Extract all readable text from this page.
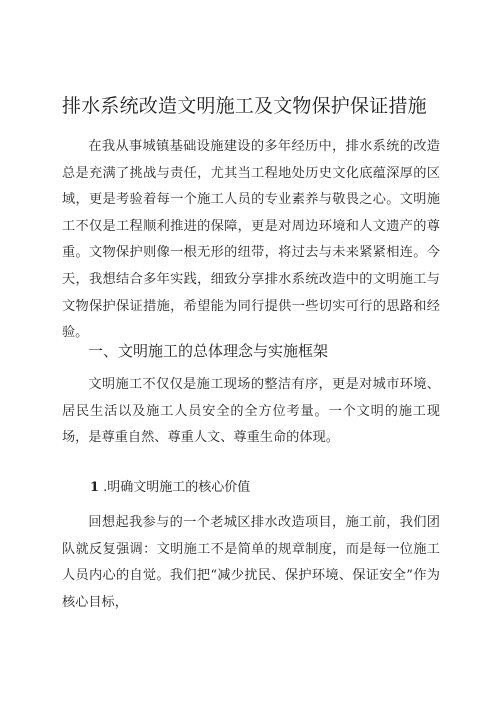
排水系统改造文明施工及文物保护保证措施

在我从事城镇基础设施建设的多年经历中，排水系统的改造总是充满了挑战与责任，尤其当工程地处历史文化底蕴深厚的区域，更是考验着每一个施工人员的专业素养与敬畏之心。文明施工不仅是工程顺利推进的保障，更是对周边环境和人文遗产的尊重。文物保护则像一根无形的纽带，将过去与未来紧紧相连。今天，我想结合多年实践，细致分享排水系统改造中的文明施工与文物保护保证措施，希望能为同行提供一些切实可行的思路和经验。

一、文明施工的总体理念与实施框架

文明施工不仅仅是施工现场的整洁有序，更是对城市环境、居民生活以及施工人员安全的全方位考量。一个文明的施工现场，是尊重自然、尊重人文、尊重生命的体现。

1 .明确文明施工的核心价值

回想起我参与的一个老城区排水改造项目，施工前，我们团队就反复强调：文明施工不是简单的规章制度，而是每一位施工人员内心的自觉。我们把“减少扰民、保护环境、保证安全”作为核心目标，
